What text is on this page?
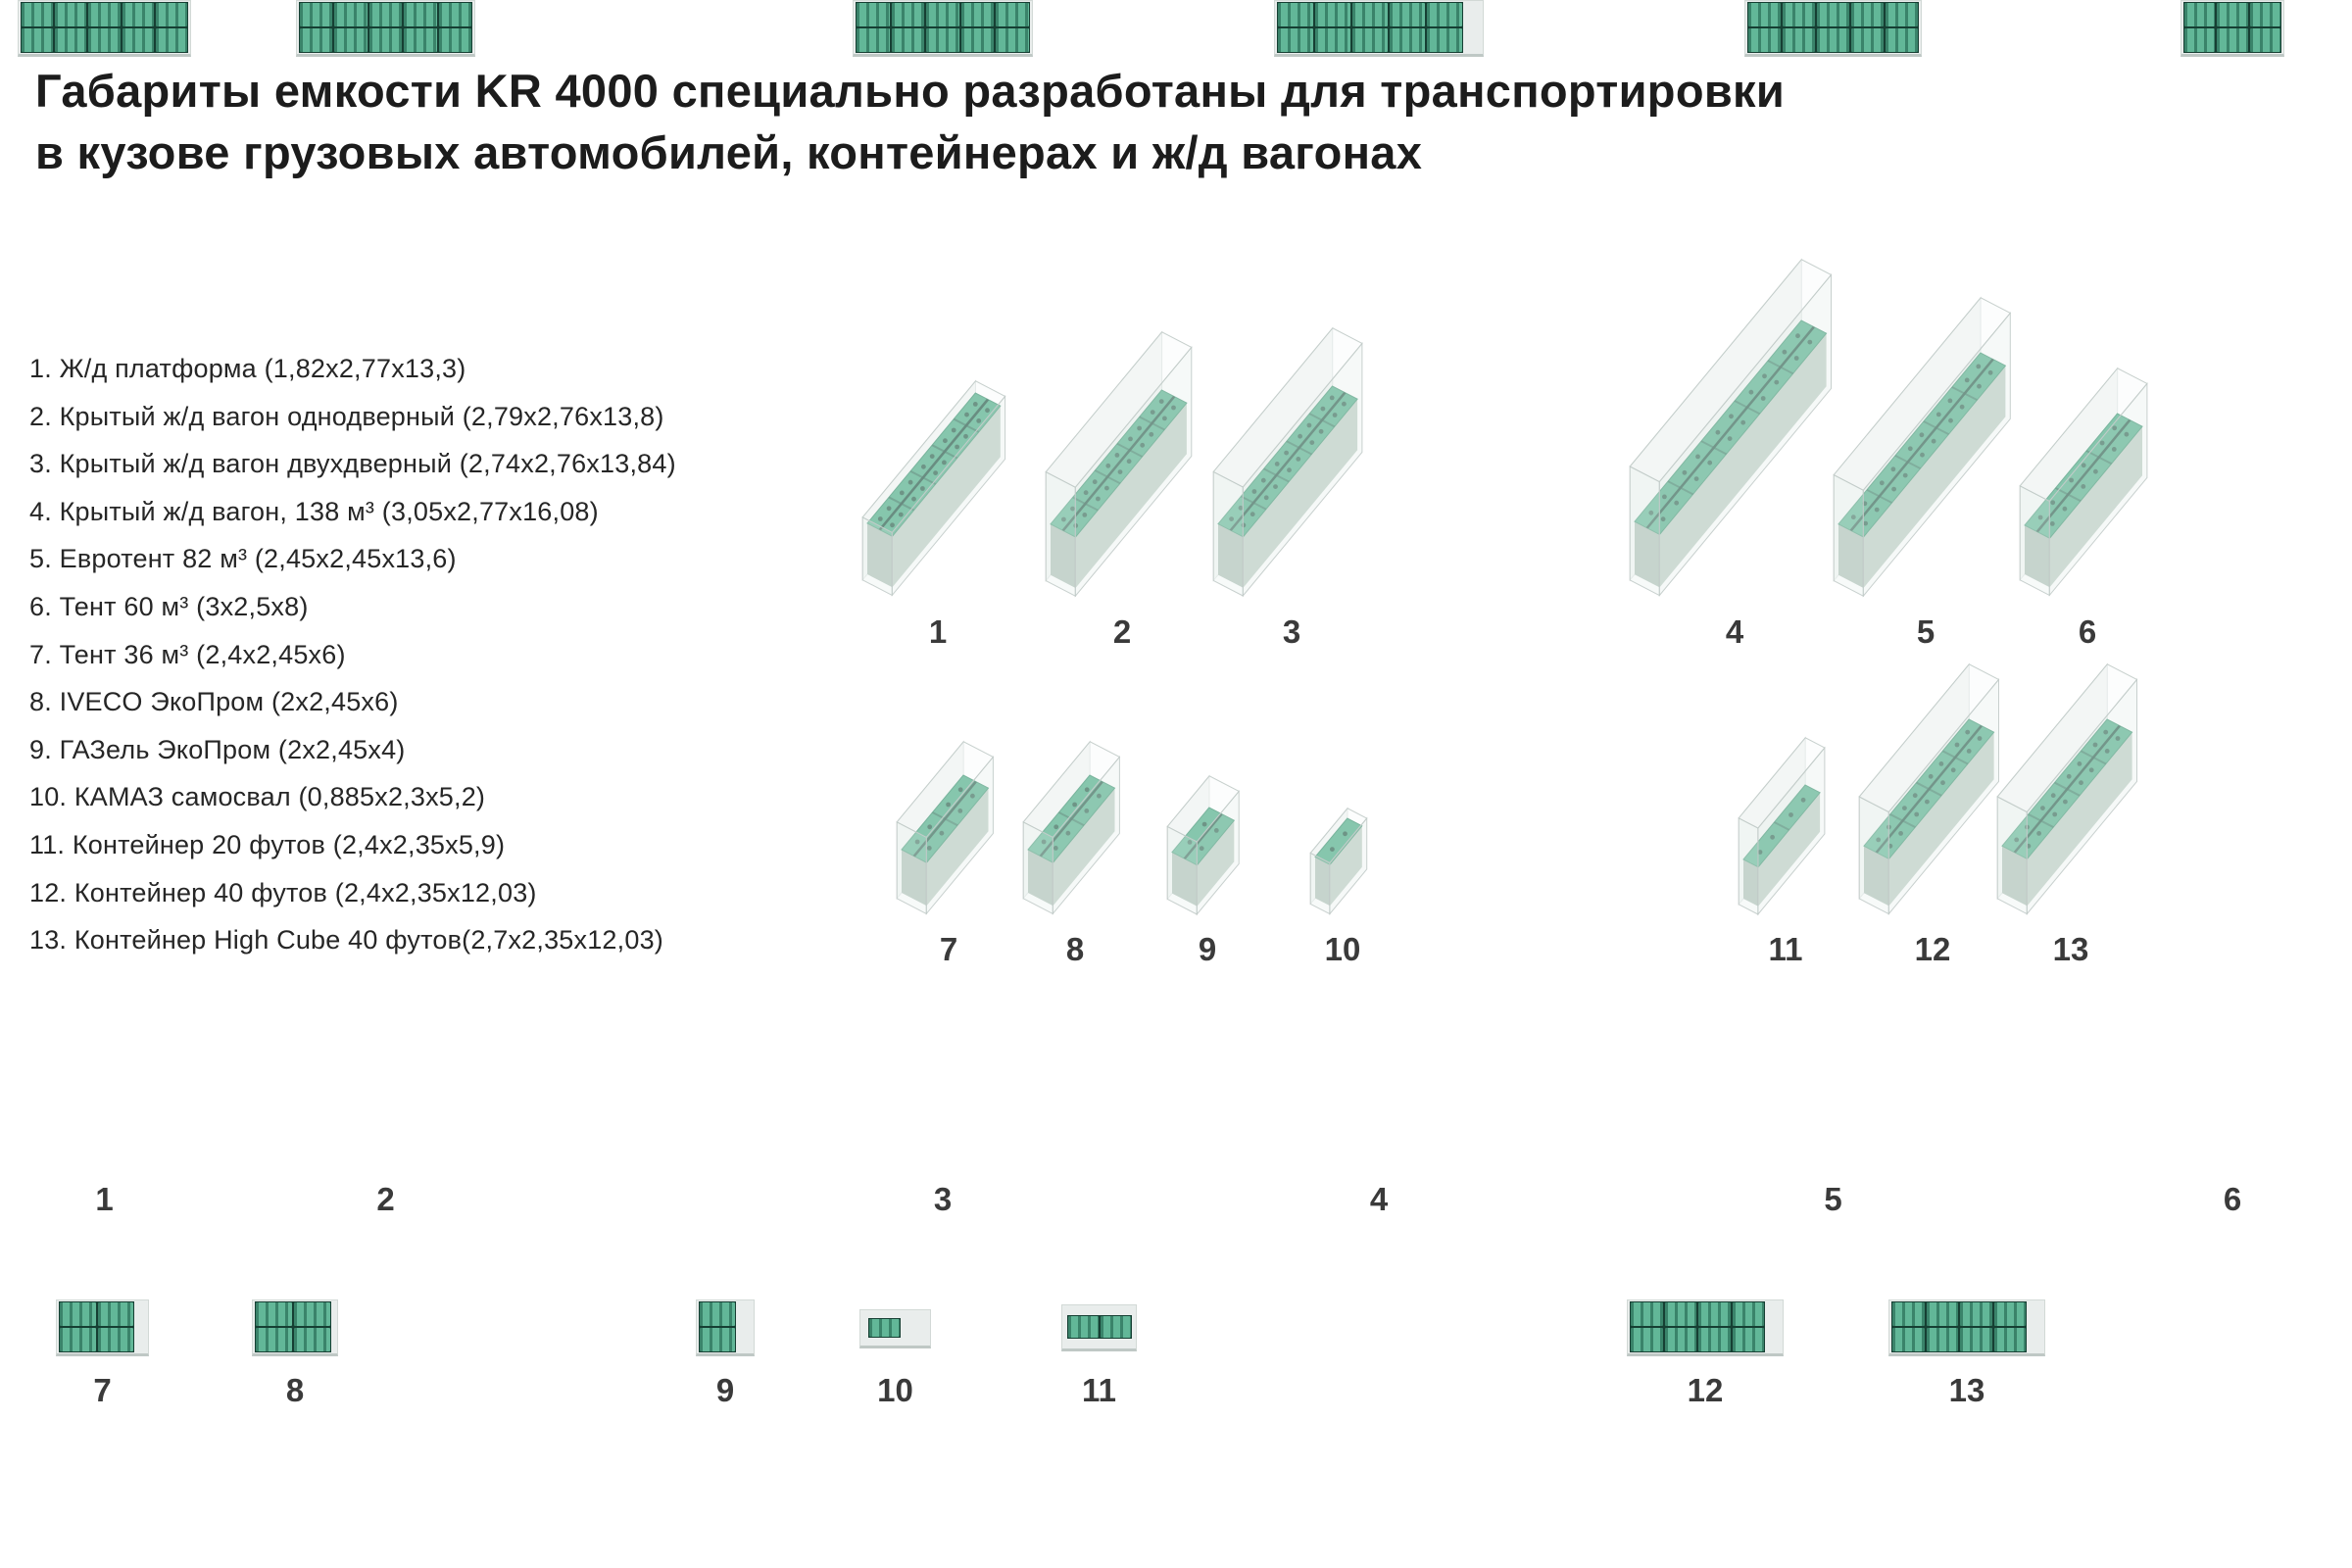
Габариты емкости KR 4000 специально разработаны для транспортировки
в кузове грузовых автомобилей, контейнерах и ж/д вагонах
1. Ж/д платформа (1,82х2,77х13,3)
2. Крытый ж/д вагон однодверный (2,79х2,76х13,8)
3. Крытый ж/д вагон двухдверный (2,74х2,76х13,84)
4. Крытый ж/д вагон, 138 м³ (3,05х2,77х16,08)
5. Евротент 82 м³ (2,45х2,45х13,6)
6. Тент 60 м³ (3х2,5х8)
7. Тент 36 м³ (2,4х2,45х6)
8. IVECO ЭкоПром (2х2,45х6)
9. ГАЗель ЭкоПром (2х2,45х4)
10. КАМАЗ самосвал (0,885х2,3х5,2)
11. Контейнер 20 футов (2,4х2,35х5,9)
12. Контейнер 40 футов (2,4х2,35х12,03)
13. Контейнер High Cube 40 футов(2,7х2,35х12,03)
1	2	3	4	5	6
7	8	9	10	11	12	13
1	2	3	4	5	6
7	8	9	10	11	12	13
